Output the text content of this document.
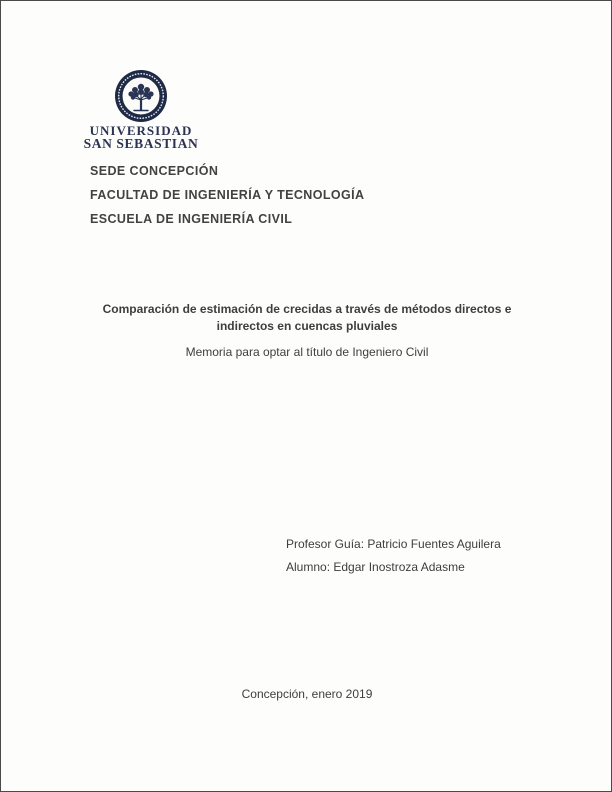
UNIVERSIDAD
SAN SEBASTIAN
SEDE CONCEPCIÓN
FACULTAD DE INGENIERÍA Y TECNOLOGÍA
ESCUELA DE INGENIERÍA CIVIL
Comparación de estimación de crecidas a través de métodos directos e indirectos en cuencas pluviales
Memoria para optar al título de Ingeniero Civil
Profesor Guía: Patricio Fuentes Aguilera
Alumno: Edgar Inostroza Adasme
Concepción, enero 2019
